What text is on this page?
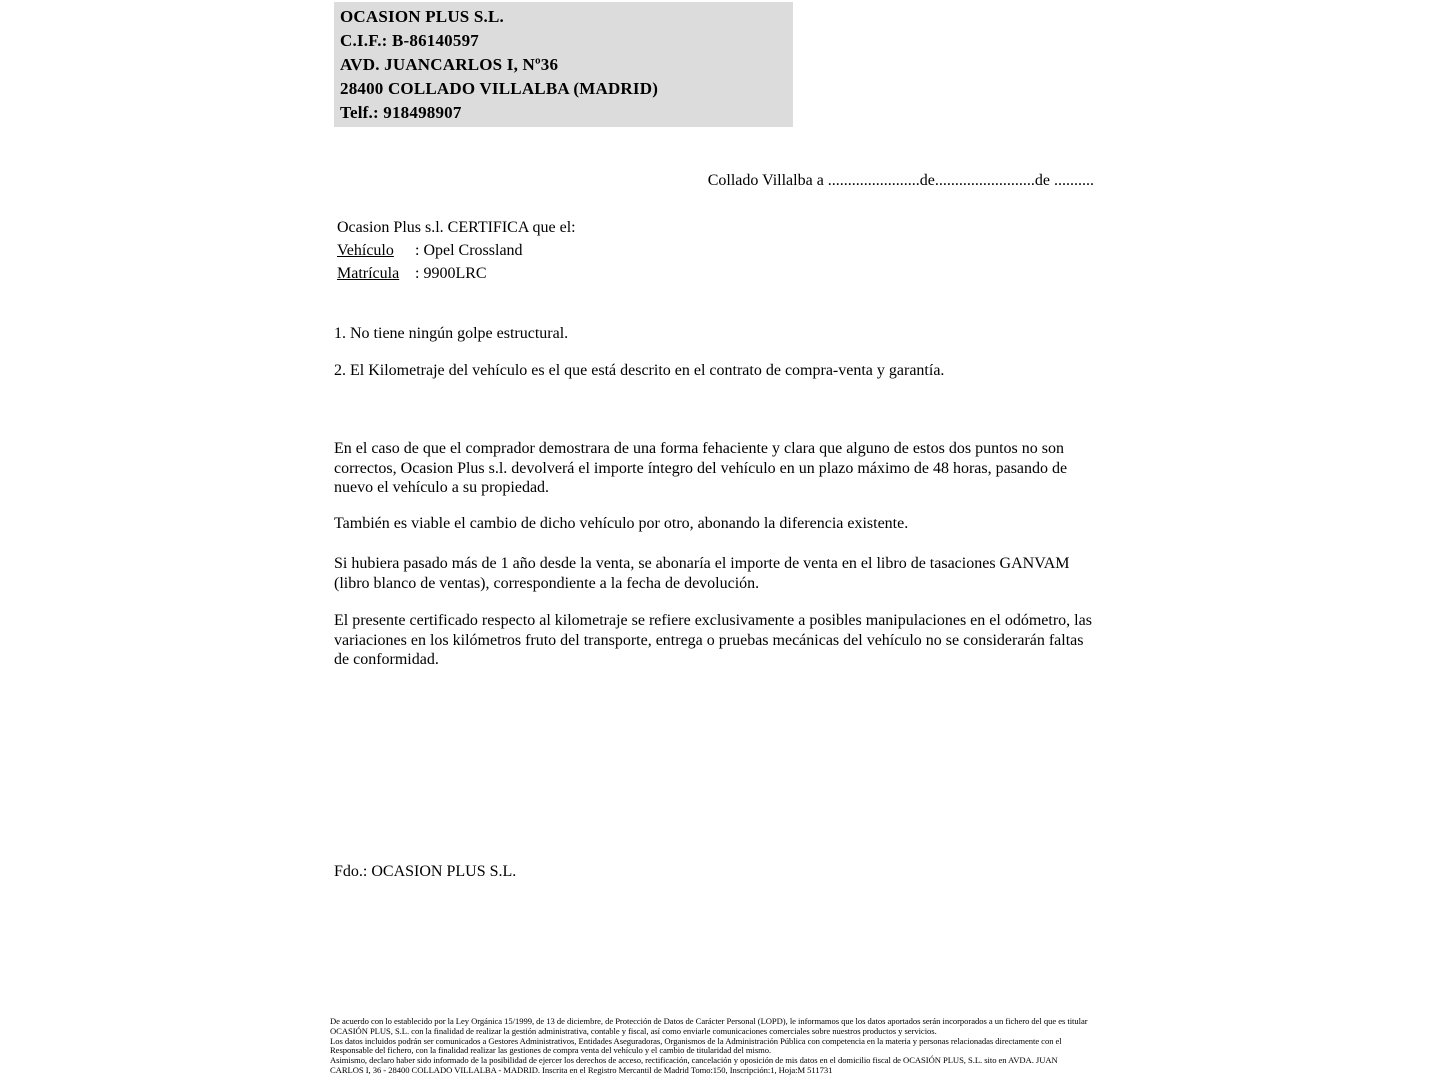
OCASION PLUS S.L.
C.I.F.: B-86140597
AVD. JUANCARLOS I, Nº36
28400 COLLADO VILLALBA (MADRID)
Telf.: 918498907
Collado Villalba a .......................de.........................de ..........
Ocasion Plus s.l. CERTIFICA que el:
Vehículo	: Opel Crossland
Matrícula : 9900LRC
1. No tiene ningún golpe estructural.
2. El Kilometraje del vehículo es el que está descrito en el contrato de compra-venta y garantía.
En el caso de que el comprador demostrara de una forma fehaciente y clara que alguno de estos dos puntos no son correctos, Ocasion Plus s.l. devolverá el importe íntegro del vehículo en un plazo máximo de 48 horas, pasando de nuevo el vehículo a su propiedad.
También es viable el cambio de dicho vehículo por otro, abonando la diferencia existente.
Si hubiera pasado más de 1 año desde la venta, se abonaría el importe de venta en el libro de tasaciones GANVAM (libro blanco de ventas), correspondiente a la fecha de devolución.
El presente certificado respecto al kilometraje se refiere exclusivamente a posibles manipulaciones en el odómetro, las variaciones en los kilómetros fruto del transporte, entrega o pruebas mecánicas del vehículo no se considerarán faltas de conformidad.
Fdo.: OCASION PLUS S.L.
De acuerdo con lo establecido por la Ley Orgánica 15/1999, de 13 de diciembre, de Protección de Datos de Carácter Personal (LOPD), le informamos que los datos aportados serán incorporados a un fichero del que es titular
OCASIÓN PLUS, S.L. con la finalidad de realizar la gestión administrativa, contable y fiscal, así como enviarle comunicaciones comerciales sobre nuestros productos y servicios.
Los datos incluidos podrán ser comunicados a Gestores Administrativos, Entidades Aseguradoras, Organismos de la Administración Pública con competencia en la materia y personas relacionadas directamente con el
Responsable del fichero, con la finalidad realizar las gestiones de compra venta del vehículo y el cambio de titularidad del mismo.
Asimismo, declaro haber sido informado de la posibilidad de ejercer los derechos de acceso, rectificación, cancelación y oposición de mis datos en el domicilio fiscal de OCASIÓN PLUS, S.L. sito en AVDA. JUAN
CARLOS I, 36 - 28400 COLLADO VILLALBA - MADRID. Inscrita en el Registro Mercantil de Madrid Tomo:150, Inscripción:1, Hoja:M 511731
